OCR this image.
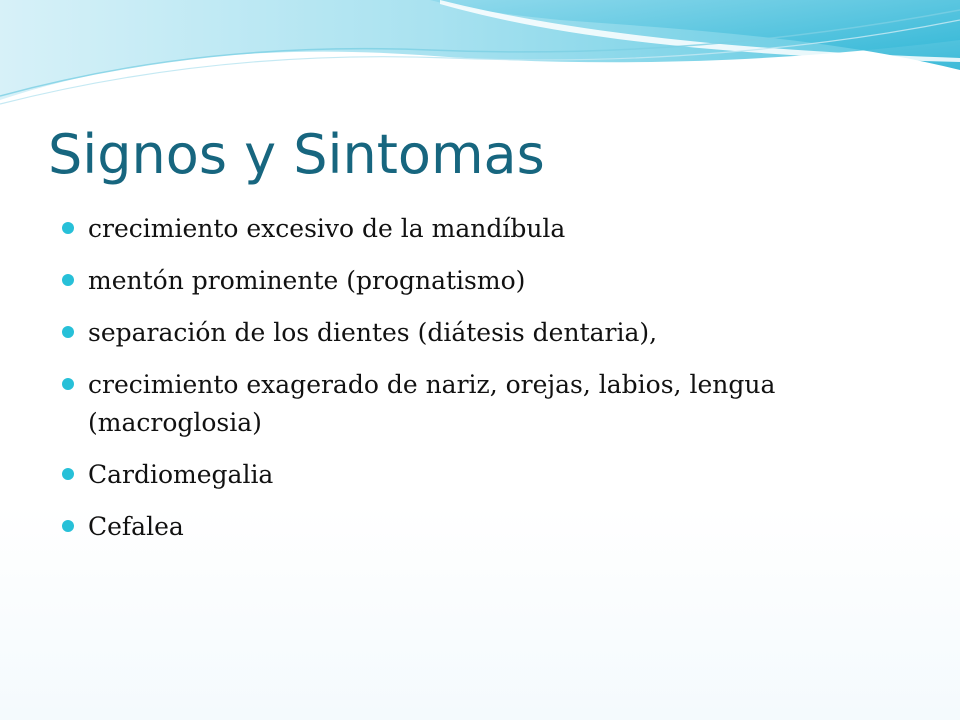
Signos y Sintomas
crecimiento excesivo de la mandíbula
mentón prominente (prognatismo)
separación de los dientes (diátesis dentaria),
crecimiento exagerado de nariz, orejas, labios, lengua (macroglosia)
Cardiomegalia
Cefalea
